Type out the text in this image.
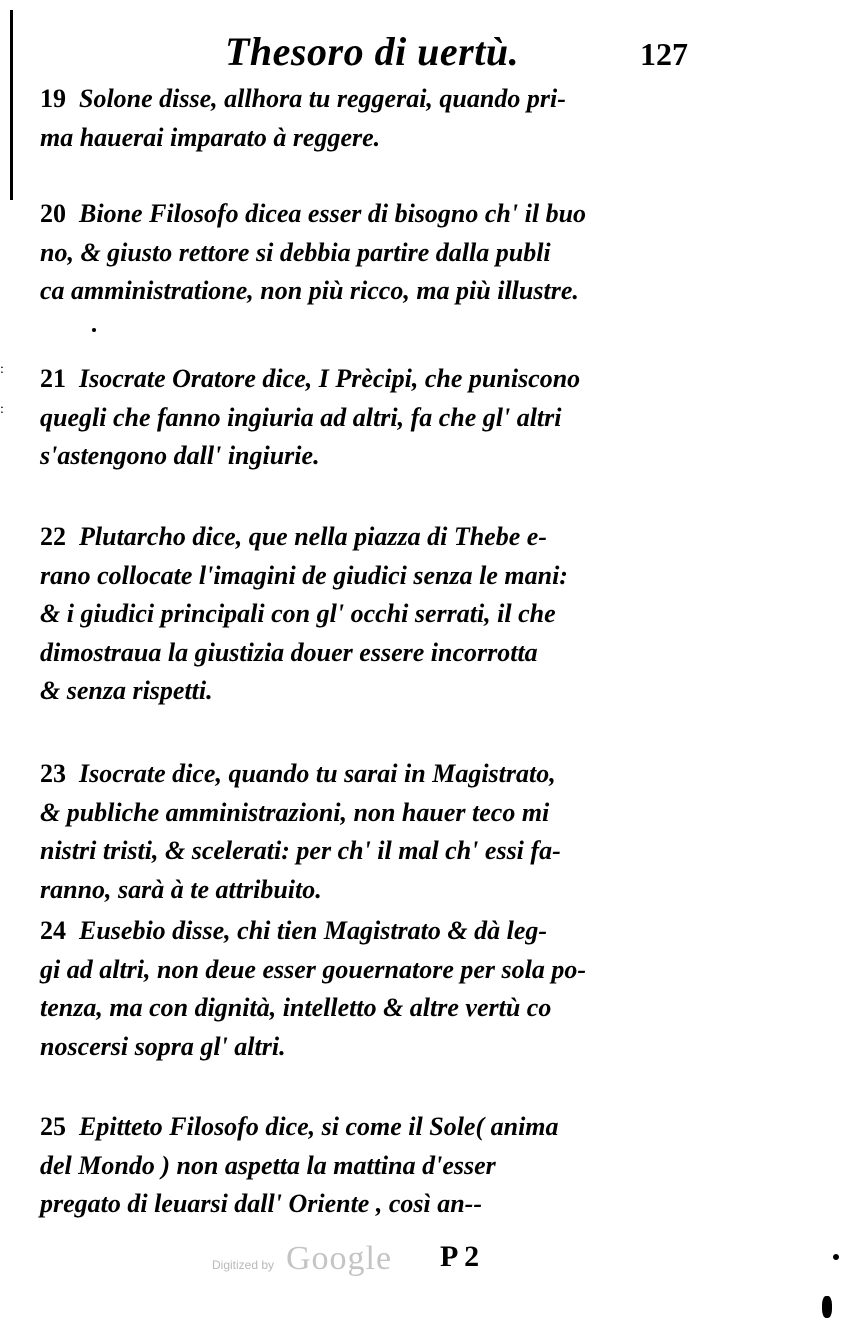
:

:
Thesoro di uertù.	127
19 Solone disse, allhora tu reggerai, quando pri-
ma hauerai imparato à reggere.
20 Bione Filosofo dicea esser di bisogno ch' il buo
no, & giusto rettore si debbia partire dalla publi
ca amministratione, non più ricco, ma più illustre.
21 Isocrate Oratore dice, I Prècipi, che puniscono
quegli che fanno ingiuria ad altri, fa che gl' altri
s'astengono dall' ingiurie.
22 Plutarcho dice, que nella piazza di Thebe e-
rano collocate l'imagini de giudici senza le mani:
& i giudici principali con gl' occhi serrati, il che
dimostraua la giustizia douer essere incorrotta
& senza rispetti.
23 Isocrate dice, quando tu sarai in Magistrato,
& publiche amministrazioni, non hauer teco mi
nistri tristi, & scelerati: per ch' il mal ch' essi fa-
ranno, sarà à te attribuito.
24 Eusebio disse, chi tien Magistrato & dà leg-
gi ad altri, non deue esser gouernatore per sola po-
tenza, ma con dignità, intelletto & altre vertù co
noscersi sopra gl' altri.
25 Epitteto Filosofo dice, si come il Sole( anima
del Mondo ) non aspetta la mattina d'esser
pregato di leuarsi dall' Oriente , così an--
Digitized by Google P 2
